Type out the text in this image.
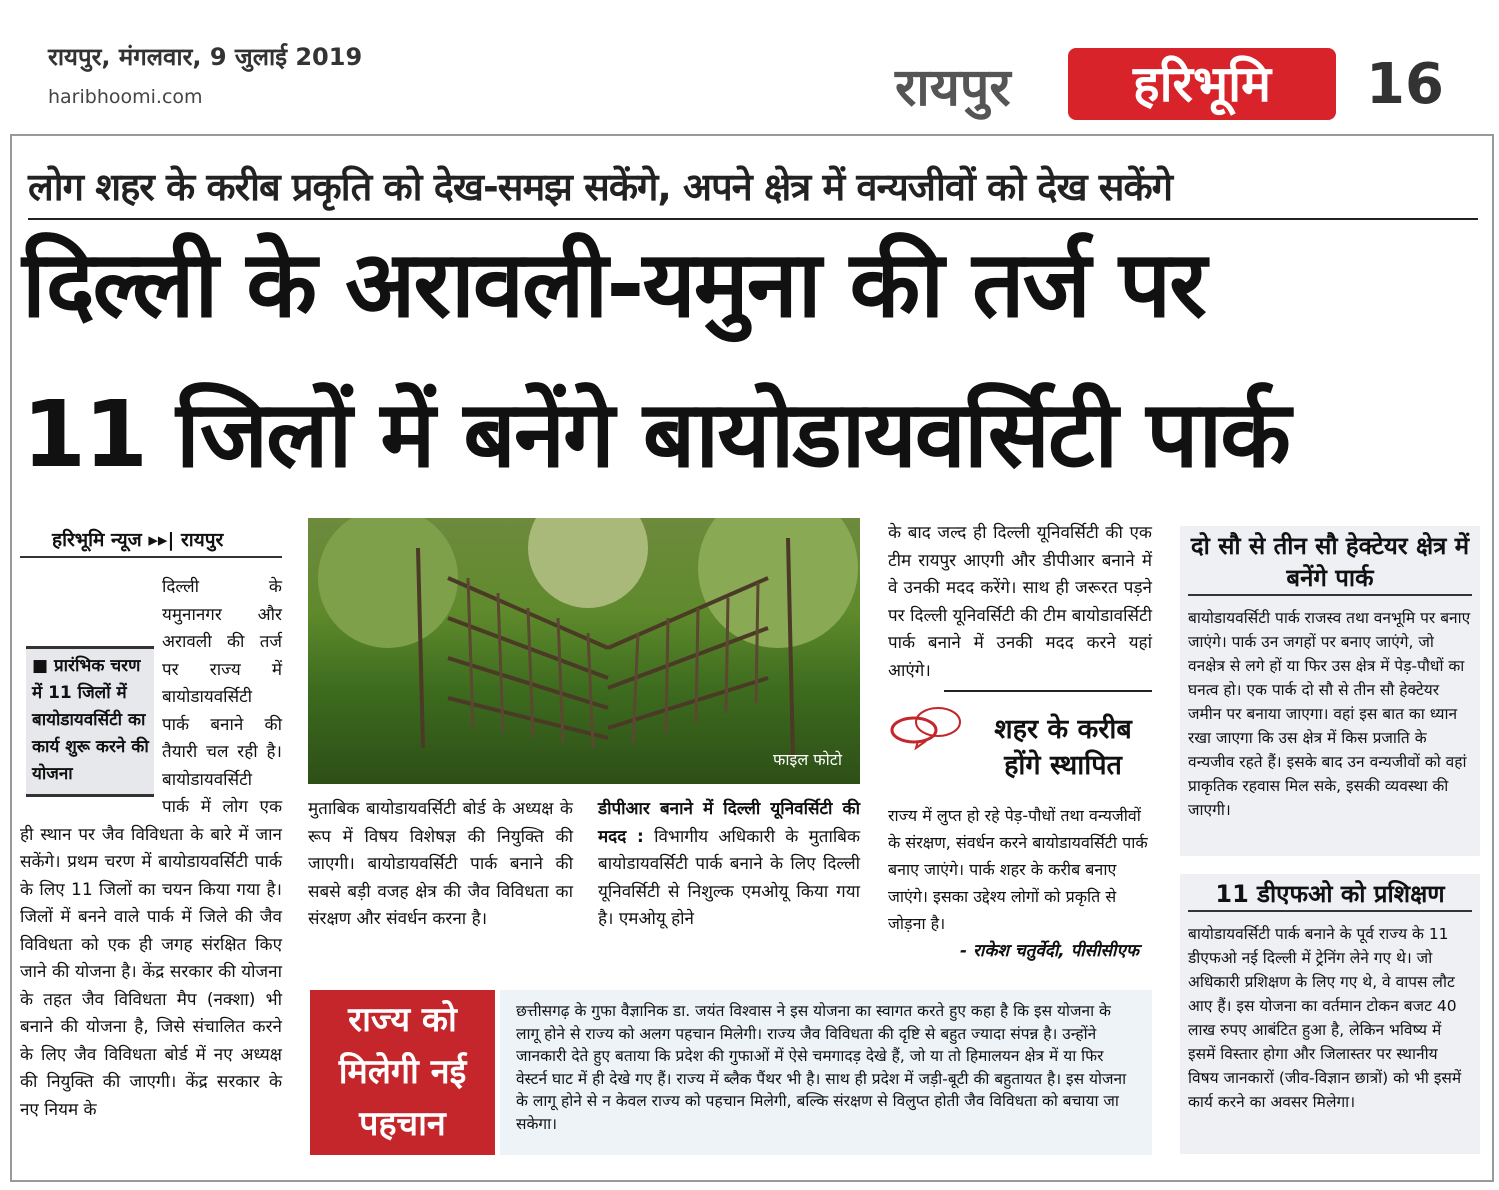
रायपुर, मंगलवार, 9 जुलाई 2019
haribhoomi.com	रायपुर	हरिभूमि	16
लोग शहर के करीब प्रकृति को देख-समझ सकेंगे, अपने क्षेत्र में वन्यजीवों को देख सकेंगे
दिल्ली के अरावली-यमुना की तर्ज पर
11 जिलों में बनेंगे बायोडायवर्सिटी पार्क
हरिभूमि न्यूज ▸▸| रायपुर
दिल्ली के यमुनानगर और अरावली की तर्ज पर राज्य में बायोडायवर्सिटी पार्क बनाने की तैयारी चल रही है। बायोडायवर्सिटी पार्क में लोग एक ही स्थान पर जैव विविधता के बारे में जान सकेंगे। प्रथम चरण में बायोडायवर्सिटी पार्क के लिए 11 जिलों का चयन किया गया है। जिलों में बनने वाले पार्क में जिले की जैव विविधता को एक ही जगह संरक्षित किए जाने की योजना है। केंद्र सरकार की योजना के तहत जैव विविधता मैप (नक्शा) भी बनाने की योजना है, जिसे संचालित करने के लिए जैव विविधता बोर्ड में नए अध्यक्ष की नियुक्ति की जाएगी। केंद्र सरकार के नए नियम के
■ प्रारंभिक चरण में 11 जिलों में बायोडायवर्सिटी का कार्य शुरू करने की योजना
फाइल फोटो
मुताबिक बायोडायवर्सिटी बोर्ड के अध्यक्ष के रूप में विषय विशेषज्ञ की नियुक्ति की जाएगी। बायोडायवर्सिटी पार्क बनाने की सबसे बड़ी वजह क्षेत्र की जैव विविधता का संरक्षण और संवर्धन करना है।
डीपीआर बनाने में दिल्ली यूनिवर्सिटी की मदद : विभागीय अधिकारी के मुताबिक बायोडायवर्सिटी पार्क बनाने के लिए दिल्ली यूनिवर्सिटी से निशुल्क एमओयू किया गया है। एमओयू होने
के बाद जल्द ही दिल्ली यूनिवर्सिटी की एक टीम रायपुर आएगी और डीपीआर बनाने में वे उनकी मदद करेंगे। साथ ही जरूरत पड़ने पर दिल्ली यूनिवर्सिटी की टीम बायोडावर्सिटी पार्क बनाने में उनकी मदद करने यहां आएंगे।
शहर के करीब होंगे स्थापित
राज्य में लुप्त हो रहे पेड़-पौधों तथा वन्यजीवों के संरक्षण, संवर्धन करने बायोडायवर्सिटी पार्क बनाए जाएंगे। पार्क शहर के करीब बनाए जाएंगे। इसका उद्देश्य लोगों को प्रकृति से जोड़ना है।
- राकेश चतुर्वेदी, पीसीसीएफ
दो सौ से तीन सौ हेक्टेयर क्षेत्र में बनेंगे पार्क
बायोडायवर्सिटी पार्क राजस्व तथा वनभूमि पर बनाए जाएंगे। पार्क उन जगहों पर बनाए जाएंगे, जो वनक्षेत्र से लगे हों या फिर उस क्षेत्र में पेड़-पौधों का घनत्व हो। एक पार्क दो सौ से तीन सौ हेक्टेयर जमीन पर बनाया जाएगा। वहां इस बात का ध्यान रखा जाएगा कि उस क्षेत्र में किस प्रजाति के वन्यजीव रहते हैं। इसके बाद उन वन्यजीवों को वहां प्राकृतिक रहवास मिल सके, इसकी व्यवस्था की जाएगी।
11 डीएफओ को प्रशिक्षण
बायोडायवर्सिटी पार्क बनाने के पूर्व राज्य के 11 डीएफओ नई दिल्ली में ट्रेनिंग लेने गए थे। जो अधिकारी प्रशिक्षण के लिए गए थे, वे वापस लौट आए हैं। इस योजना का वर्तमान टोकन बजट 40 लाख रुपए आबंटित हुआ है, लेकिन भविष्य में इसमें विस्तार होगा और जिलास्तर पर स्थानीय विषय जानकारों (जीव-विज्ञान छात्रों) को भी इसमें कार्य करने का अवसर मिलेगा।
राज्य को मिलेगी नई पहचान
छत्तीसगढ़ के गुफा वैज्ञानिक डा. जयंत विश्वास ने इस योजना का स्वागत करते हुए कहा है कि इस योजना के लागू होने से राज्य को अलग पहचान मिलेगी। राज्य जैव विविधता की दृष्टि से बहुत ज्यादा संपन्न है। उन्होंने जानकारी देते हुए बताया कि प्रदेश की गुफाओं में ऐसे चमगादड़ देखे हैं, जो या तो हिमालयन क्षेत्र में या फिर वेस्टर्न घाट में ही देखे गए हैं। राज्य में ब्लैक पैंथर भी है। साथ ही प्रदेश में जड़ी-बूटी की बहुतायत है। इस योजना के लागू होने से न केवल राज्य को पहचान मिलेगी, बल्कि संरक्षण से विलुप्त होती जैव विविधता को बचाया जा सकेगा।
